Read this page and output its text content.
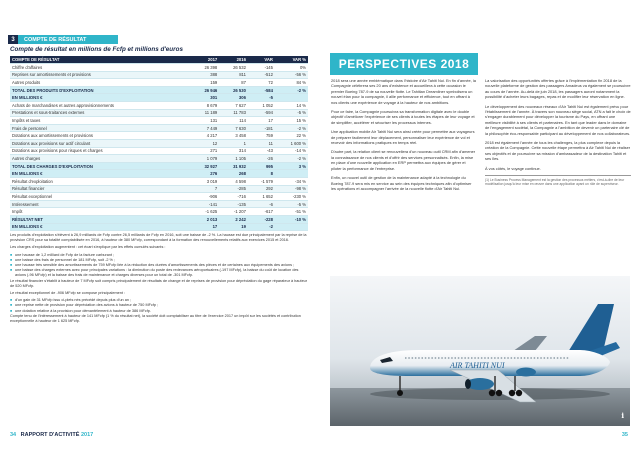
3	COMPTE DE RÉSULTAT
Compte de résultat en millions de Fcfp et millions d'euros
COMPTE DE RÉSULTAT	2017	2016	VAR	VAR %
Chiffre d'affaires	26 398	26 532	-145	0%
Reprises sur amortissements et provisions	388	811	-512	-56 %
Autres produits	159	87	72	84 %
TOTAL DES PRODUITS D'EXPLOITATION	26 946	26 530	-584	-2 %
EN MILLIONS €	301	306	-5	
Achats de marchandises et autres approvisionnements	8 679	7 627	1 052	14 %
Prestations et sous-traitances externes	11 189	11 783	-594	-5 %
Impôts et taxes	131	114	17	15 %
Frais de personnel	7 449	7 630	-181	-2 %
Dotations aux amortissements et provisions	4 217	3 458	759	22 %
Dotations aux provisions sur actif circulant	12	1	11	1 600 %
Dotations aux provisions pour risques et charges	271	314	-43	-14 %
Autres charges	1 079	1 105	-26	-2 %
TOTAL DES CHARGES D'EXPLOITATION	32 927	31 932	995	3 %
EN MILLIONS €	276	268	8	
Résultat d'exploitation	3 019	4 598	-1 579	-34 %
Résultat financier	7	-285	292	-98 %
Résultat exceptionnel	-906	-716	1 652	-230 %
Intéressement	-141	-135	-6	-5 %
Impôt	-1 625	-1 207	-617	-51 %
RÉSULTAT NET	2 013	2 242	-228	-10 %
EN MILLIONS €	17	19	-2	

Les produits d'exploitation s'élèvent à 26,9 milliards de Fcfp contre 26,5 milliards de Fcfp en 2016, soit une baisse de -2 %. La hausse est due principalement par la reprise de la provision CRS pour sa totalité comptabilisée en 2016, à hauteur de 380 MFcfp, correspondant à la formation des renouvellements relatifs aux exercices 2015 et 2016.

Les charges d'exploitation augmentent : cet écart s'explique par les effets cumulés suivants :

■ une hausse de 1,2 milliard de Fcfp de la facture carburant ;
■ une baisse des frais de personnel de 181 MFcfp, soit -2 % ;
■ une hausse très sensible des amortissements de 759 MFcfp liée à la réduction des durées d'amortissements des pièces et de certaines aux équipements des avions ;
■ une baisse des charges externes avec pour principales variations : la diminution du poste des redevances aéroportuaires (-197 MFcfp), la baisse du coût de location des avions (-96 MFcfp) et la baisse des frais de maintenance et charges diverses pour un total de -301 MFcfp.

Le résultat financier s'établit à hauteur de 7 MFcfp soit compris principalement de résultats de change et de reprises de provision pour dépréciation du gage réparateur à hauteur de 520 MFcfp.

Le résultat exceptionnel de -906 MFcfp se compose principalement :

■ d'un gain de 31 MFcfp issu ci-plets nés précédé depuis plus d'un an ;
■ une reprise nette de provision pour dépréciation des avions à hauteur de 750 MFcfp ;
■ une dotation relative à la provision pour démantèlement à hauteur de 386 MFcfp.

Compte tenu de l'intéressement à hauteur de 141 MFcfp (1 % du résultat net), la société doit comptabiliser au titre de l'exercice 2017 un impôt sur les sociétés et contribution exceptionnelle à hauteur de 1 625 MFcfp.

34 RAPPORT D'ACTIVITÉ 2017
PERSPECTIVES 2018

2018 sera une année emblématique dans l'histoire d'Air Tahiti Nui. En fin d'année, la Compagnie célébrera ses 20 ans d'existence et accueillera à cette occasion le premier Boeing 787-9 de sa nouvelle flotte. Le Tahitian Dreamliner symbolisera un nouvel élan pour la compagnie, il allie performance et efficience, tout en offrant à nos clients une expérience de voyage à la hauteur de nos ambitions.

Pour ce faire, la Compagnie poursuivra sa transformation digitale avec le double objectif d'améliorer l'expérience de ses clients à toutes les étapes de leur voyage et de simplifier, accélérer et sécuriser les processus internes.

Une application mobile Air Tahiti Nui sera ainsi créée pour permettre aux voyageurs de préparer facilement leur déplacement, personnaliser leur expérience de vol et recevoir des informations pratiques en temps réel.

D'autre part, la relation client se renouvellera d'un nouveau outil CRM afin d'amener la connaissance de nos clients et d'offrir des services personnalisés. Enfin, la mise en place d'une nouvelle application en ERP permettra aux équipes de gérer et piloter la performance de l'entreprise.

Enfin, un nouvel outil de gestion de la maintenance adapté à la technologie du Boeing 787-9 sera mis en service au sein des équipes techniques afin d'optimiser les opérations et accompagner l'arrivée de la nouvelle flotte d'Air Tahiti Nui.

La valorisation des opportunités offertes grâce à l'implémentation fin 2018 de la nouvelle plateforme de gestion des passagers Amadeus va également se poursuivre au cours de l'année. Au-delà de juin 2018, les passagers auront notamment la possibilité d'acheter leurs bagages, repas et de modifier leur réservation en ligne.

Le développement des nouveaux réseaux d'Air Tahiti Nui est également prévu pour l'établissement de l'année. À travers son nouveau siège social, ATN a fait le choix de s'engager durablement pour développer la tourisme du Pays, en offrant une meilleure visibilité à ses clients et partenaires. En tant que leader dans le domaine de l'engagement sociétal, la Compagnie a l'ambition de devenir un partenaire clé de la philosophie éco-responsable participant au développement de nos collaborateurs.

2018 est également l'année de tous les challenges, la plus complexe depuis la création de la Compagnie. Cette nouvelle étape permettra à Air Tahiti Nui de réaliser ses objectifs et de poursuivre sa mission d'ambassadeur de la destination Tahiti et ses îles.

À vos côtés, le voyage continue.

(1) Le Business Process Management est la gestion des processus métiers, c'est-à-dire de leur modélisation jusqu'à leur mise en œuvre dans une application ayant un rôle de superviseur.
AIR TAHITI NUI
i
35
